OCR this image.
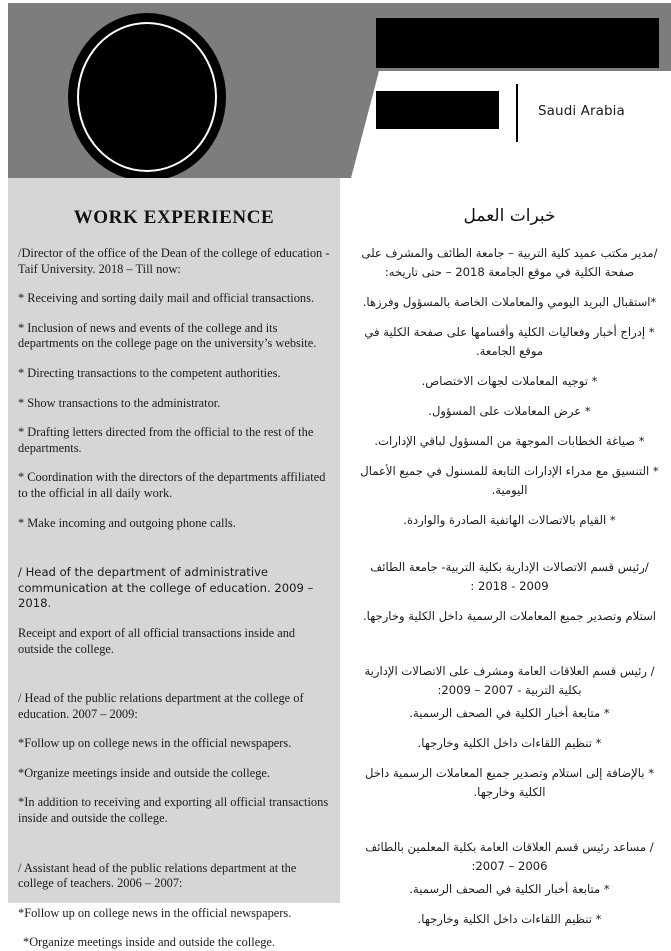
Saudi Arabia
WORK EXPERIENCE

/Director of the office of the Dean of the college of education - Taif University. 2018 – Till now:

* Receiving and sorting daily mail and official transactions.

* Inclusion of news and events of the college and its departments on the college page on the university’s website.

* Directing transactions to the competent authorities.

* Show transactions to the administrator.

* Drafting letters directed from the official to the rest of the departments.

* Coordination with the directors of the departments affiliated to the official in all daily work.

* Make incoming and outgoing phone calls.

/ Head of the department of administrative communication at the college of education. 2009 – 2018.

Receipt and export of all official transactions inside and outside the college.

/ Head of the public relations department at the college of education. 2007 – 2009:

*Follow up on college news in the official newspapers.

*Organize meetings inside and outside the college.

*In addition to receiving and exporting all official transactions inside and outside the college.

/ Assistant head of the public relations department at the college of teachers. 2006 – 2007:

*Follow up on college news in the official newspapers.

*Organize meetings inside and outside the college.

خبرات العمل

/مدير مكتب عميد كلية التربية – جامعة الطائف والمشرف على صفحة الكلية في موقع الجامعة 2018 – حتى تاريخه:

*استقبال البريد اليومي والمعاملات الخاصة بالمسؤول وفرزها.

* إدراج أخبار وفعاليات الكلية وأقسامها على صفحة الكلية في موقع الجامعة.

* توجيه المعاملات لجهات الاختصاص.

* عرض المعاملات على المسؤول.

* صياغة الخطابات الموجهة من المسؤول لباقي الإدارات.

* التنسيق مع مدراء الإدارات التابعة للمسنول في جميع الأعمال اليومية.

* القيام بالاتصالات الهاتفية الصادرة والواردة.

/رئيس قسم الاتصالات الإدارية بكلية التربية- جامعة الطائف 2009 - 2018 :

استلام وتصدير جميع المعاملات الرسمية داخل الكلية وخارجها.

/ رئيس قسم العلاقات العامة ومشرف على الاتصالات الإدارية بكلية التربية - 2007 – 2009:

* متابعة أخبار الكلية في الصحف الرسمية.

* تنظيم اللقاءات داخل الكلية وخارجها.

* بالإضافة إلى استلام وتصدير جميع المعاملات الرسمية داخل الكلية وخارجها.

/ مساعد رئيس قسم العلاقات العامة بكلية المعلمين بالطائف 2006 – 2007:

* متابعة أخبار الكلية في الصحف الرسمية.

* تنظيم اللقاءات داخل الكلية وخارجها.
